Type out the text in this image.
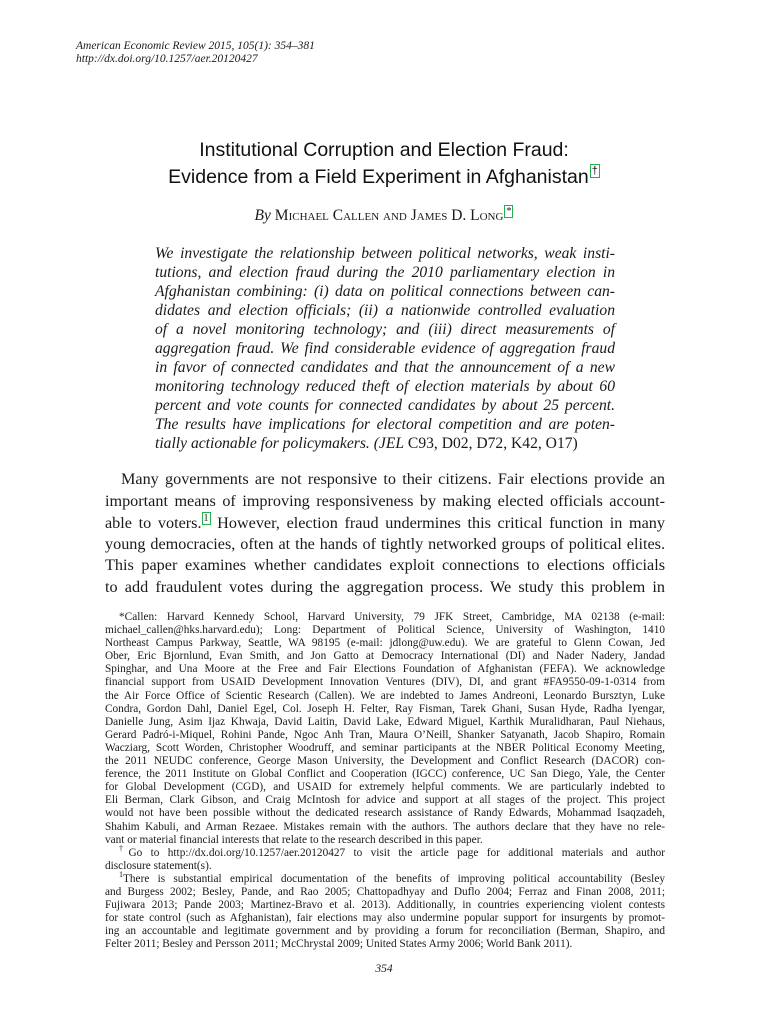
American Economic Review 2015, 105(1): 354–381
http://dx.doi.org/10.1257/aer.20120427
Institutional Corruption and Election Fraud:
Evidence from a Field Experiment in Afghanistan †
By Michael Callen and James D. Long *
We investigate the relationship between political networks, weak insti-
tutions, and election fraud during the 2010 parliamentary election in
Afghanistan combining: (i) data on political connections between can-
didates and election officials; (ii) a nationwide controlled evaluation
of a novel monitoring technology; and (iii) direct measurements of
aggregation fraud. We find considerable evidence of aggregation fraud
in favor of connected candidates and that the announcement of a new
monitoring technology reduced theft of election materials by about 60
percent and vote counts for connected candidates by about 25 percent.
The results have implications for electoral competition and are poten-
tially actionable for policymakers. (JEL C93, D02, D72, K42, O17)
Many governments are not responsive to their citizens. Fair elections provide an
important means of improving responsiveness by making elected officials account-
able to voters. 1 However, election fraud undermines this critical function in many
young democracies, often at the hands of tightly networked groups of political elites.
This paper examines whether candidates exploit connections to elections officials
to add fraudulent votes during the aggregation process. We study this problem in
*Callen: Harvard Kennedy School, Harvard University, 79 JFK Street, Cambridge, MA 02138 (e-mail:
michael_callen@hks.harvard.edu); Long: Department of Political Science, University of Washington, 1410
Northeast Campus Parkway, Seattle, WA 98195 (e-mail: jdlong@uw.edu). We are grateful to Glenn Cowan, Jed
Ober, Eric Bjornlund, Evan Smith, and Jon Gatto at Democracy International (DI) and Nader Nadery, Jandad
Spinghar, and Una Moore at the Free and Fair Elections Foundation of Afghanistan (FEFA). We acknowledge
financial support from USAID Development Innovation Ventures (DIV), DI, and grant #FA9550-09-1-0314 from
the Air Force Office of Scientic Research (Callen). We are indebted to James Andreoni, Leonardo Bursztyn, Luke
Condra, Gordon Dahl, Daniel Egel, Col. Joseph H. Felter, Ray Fisman, Tarek Ghani, Susan Hyde, Radha Iyengar,
Danielle Jung, Asim Ijaz Khwaja, David Laitin, David Lake, Edward Miguel, Karthik Muralidharan, Paul Niehaus,
Gerard Padró-i-Miquel, Rohini Pande, Ngoc Anh Tran, Maura O’Neill, Shanker Satyanath, Jacob Shapiro, Romain
Wacziarg, Scott Worden, Christopher Woodruff, and seminar participants at the NBER Political Economy Meeting,
the 2011 NEUDC conference, George Mason University, the Development and Conflict Research (DACOR) con-
ference, the 2011 Institute on Global Conflict and Cooperation (IGCC) conference, UC San Diego, Yale, the Center
for Global Development (CGD), and USAID for extremely helpful comments. We are particularly indebted to
Eli Berman, Clark Gibson, and Craig McIntosh for advice and support at all stages of the project. This project
would not have been possible without the dedicated research assistance of Randy Edwards, Mohammad Isaqzadeh,
Shahim Kabuli, and Arman Rezaee. Mistakes remain with the authors. The authors declare that they have no rele-
vant or material financial interests that relate to the research described in this paper.
†Go to http://dx.doi.org/10.1257/aer.20120427 to visit the article page for additional materials and author
disclosure statement(s).
$^1$There is substantial empirical documentation of the benefits of improving political accountability (Besley
and Burgess 2002; Besley, Pande, and Rao 2005; Chattopadhyay and Duflo 2004; Ferraz and Finan 2008, 2011;
Fujiwara 2013; Pande 2003; Martinez-Bravo et al. 2013). Additionally, in countries experiencing violent contests
for state control (such as Afghanistan), fair elections may also undermine popular support for insurgents by promot-
ing an accountable and legitimate government and by providing a forum for reconciliation (Berman, Shapiro, and
Felter 2011; Besley and Persson 2011; McChrystal 2009; United States Army 2006; World Bank 2011).
354
